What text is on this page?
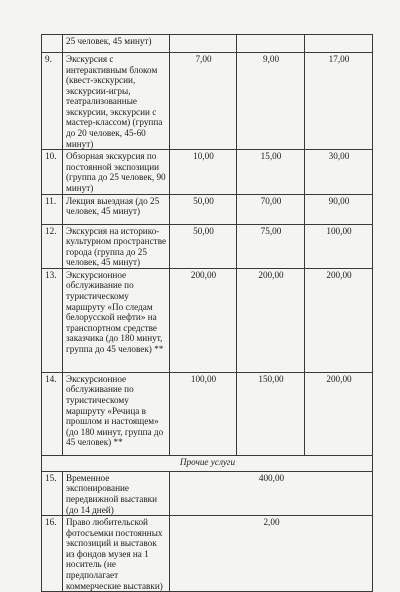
	25 человек, 45 минут)			
9.	Экскурсия с интерактивным блоком (квест-экскурсии, экскурсии-игры, театрализованные экскурсии, экскурсии с мастер-классом) (группа до 20 человек, 45-60 минут)	7,00	9,00	17,00
10.	Обзорная экскурсия по постоянной экспозиции (группа до 25 человек, 90 минут)	10,00	15,00	30,00
11.	Лекция выездная (до 25 человек, 45 минут)	50,00	70,00	90,00
12.	Экскурсия на историко-культурном пространстве города (группа до 25 человек, 45 минут)	50,00	75,00	100,00
13.	Экскурсионное обслуживание по туристическому маршруту «По следам белорусской нефти» на транспортном средстве заказчика (до 180 минут, группа до 45 человек) **	200,00	200,00	200,00
14.	Экскурсионное обслуживание по туристическому маршруту «Речица в прошлом и настоящем» (до 180 минут, группа до 45 человек) **	100,00	150,00	200,00
Прочие услуги				
15.	Временное экспонирование передвижной выставки (до 14 дней)	400,00		
16.	Право любительской фотосъемки постоянных экспозиций и выставок из фондов музея на 1 носитель (не предполагает коммерческие выставки)	2,00		
